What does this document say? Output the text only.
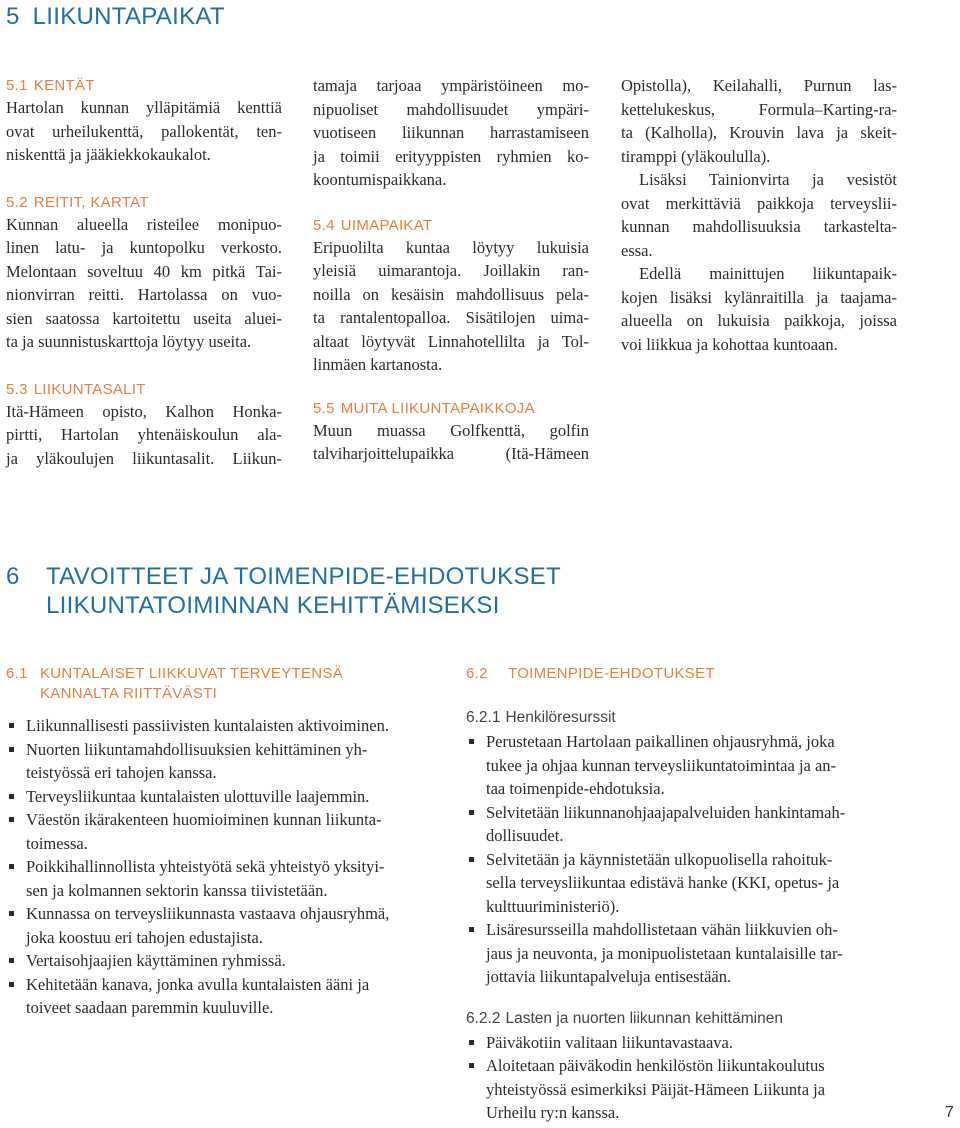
5 LIIKUNTAPAIKAT
5.1 KENTÄT
Hartolan kunnan ylläpitämiä kenttiä
ovat urheilukenttä, pallokentät, ten-
niskenttä ja jääkiekkokaukalot.
5.2 REITIT, KARTAT
Kunnan alueella risteilee monipuo-
linen latu- ja kuntopolku verkosto.
Melontaan soveltuu 40 km pitkä Tai-
nionvirran reitti. Hartolassa on vuo-
sien saatossa kartoitettu useita aluei-
ta ja suunnistuskarttoja löytyy useita.
5.3 LIIKUNTASALIT
Itä-Hämeen opisto, Kalhon Honka-
pirtti, Hartolan yhtenäiskoulun ala-
ja yläkoulujen liikuntasalit. Liikun-
tamaja tarjoaa ympäristöineen mo-
nipuoliset mahdollisuudet ympäri-
vuotiseen liikunnan harrastamiseen
ja toimii erityyppisten ryhmien ko-
koontumispaikkana.
5.4 UIMAPAIKAT
Eripuolilta kuntaa löytyy lukuisia
yleisiä uimarantoja. Joillakin ran-
noilla on kesäisin mahdollisuus pela-
ta rantalentopalloa. Sisätilojen uima-
altaat löytyvät Linnahotellilta ja Tol-
linmäen kartanosta.
5.5 MUITA LIIKUNTAPAIKKOJA
Muun muassa Golfkenttä, golfin
talviharjoittelupaikka (Itä-Hämeen
Opistolla), Keilahalli, Purnun las-
kettelukeskus, Formula–Karting-ra-
ta (Kalholla), Krouvin lava ja skeit-
tiramppi (yläkoululla).
Lisäksi Tainionvirta ja vesistöt
ovat merkittäviä paikkoja terveyslii-
kunnan mahdollisuuksia tarkastelta-
essa.
Edellä mainittujen liikuntapaik-
kojen lisäksi kylänraitilla ja taajama-
alueella on lukuisia paikkoja, joissa
voi liikkua ja kohottaa kuntoaan.
6 TAVOITTEET JA TOIMENPIDE-EHDOTUKSET
LIIKUNTATOIMINNAN KEHITTÄMISEKSI
6.1 KUNTALAISET LIIKKUVAT TERVEYTENSÄ
KANNALTA RIITTÄVÄSTI
Liikunnallisesti passiivisten kuntalaisten aktivoiminen.
Nuorten liikuntamahdollisuuksien kehittäminen yh-
teistyössä eri tahojen kanssa.
Terveysliikuntaa kuntalaisten ulottuville laajemmin.
Väestön ikärakenteen huomioiminen kunnan liikunta-
toimessa.
Poikkihallinnollista yhteistyötä sekä yhteistyö yksityi-
sen ja kolmannen sektorin kanssa tiivistetään.
Kunnassa on terveysliikunnasta vastaava ohjausryhmä,
joka koostuu eri tahojen edustajista.
Vertaisohjaajien käyttäminen ryhmissä.
Kehitetään kanava, jonka avulla kuntalaisten ääni ja
toiveet saadaan paremmin kuuluville.
6.2 TOIMENPIDE-EHDOTUKSET
6.2.1 Henkilöresurssit
Perustetaan Hartolaan paikallinen ohjausryhmä, joka
tukee ja ohjaa kunnan terveysliikuntatoimintaa ja an-
taa toimenpide-ehdotuksia.
Selvitetään liikunnanohjaajapalveluiden hankintamah-
dollisuudet.
Selvitetään ja käynnistetään ulkopuolisella rahoituk-
sella terveysliikuntaa edistävä hanke (KKI, opetus- ja
kulttuuriministeriö).
Lisäresursseilla mahdollistetaan vähän liikkuvien oh-
jaus ja neuvonta, ja monipuolistetaan kuntalaisille tar-
jottavia liikuntapalveluja entisestään.
6.2.2 Lasten ja nuorten liikunnan kehittäminen
Päiväkotiin valitaan liikuntavastaava.
Aloitetaan päiväkodin henkilöstön liikuntakoulutus
yhteistyössä esimerkiksi Päijät-Hämeen Liikunta ja
Urheilu ry:n kanssa.	7
